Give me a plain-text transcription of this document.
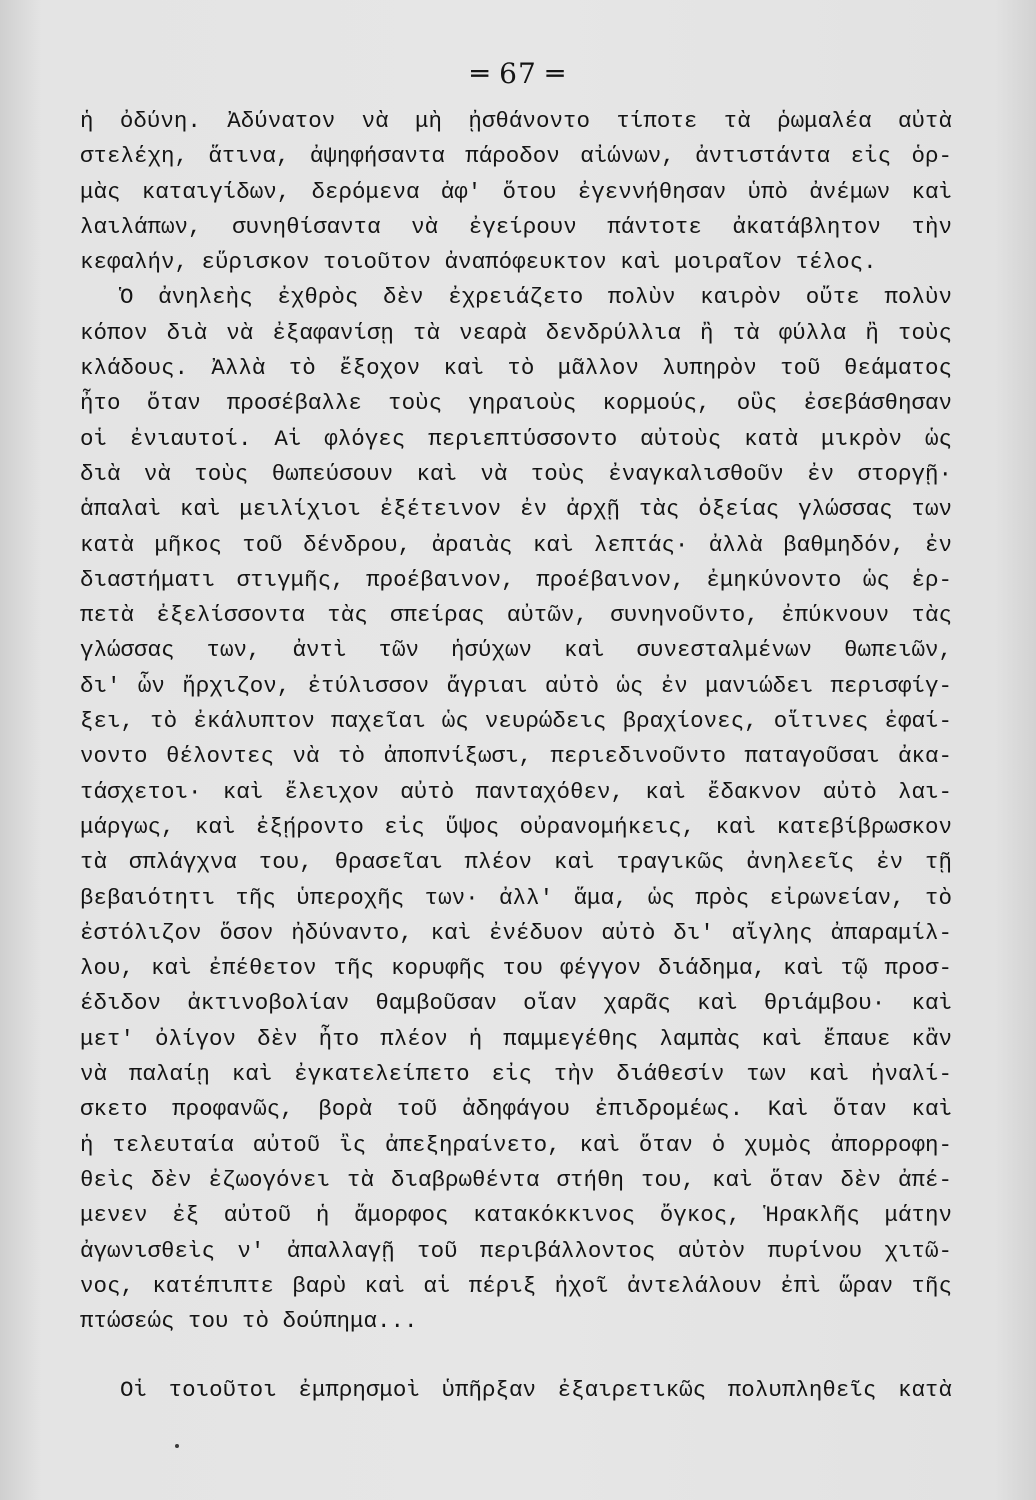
═ 67 ═
ἡ ὀδύνη. Ἀδύνατον νὰ μὴ ᾐσθάνοντο τίποτε τὰ ῥωμαλέα αὐτὰ
στελέχη, ἅτινα, ἀψηφήσαντα πάροδον αἰώνων, ἀντιστάντα εἰς ὁρ-
μὰς καταιγίδων, δερόμενα ἀφ' ὅτου ἐγεννήθησαν ὑπὸ ἀνέμων καὶ
λαιλάπων, συνηθίσαντα νὰ ἐγείρουν πάντοτε ἀκατάβλητον τὴν
κεφαλήν, εὕρισκον τοιοῦτον ἀναπόφευκτον καὶ μοιραῖον τέλος.
Ὁ ἀνηλεὴς ἐχθρὸς δὲν ἐχρειάζετο πολὺν καιρὸν οὔτε πολὺν
κόπον διὰ νὰ ἐξαφανίσῃ τὰ νεαρὰ δενδρύλλια ἢ τὰ φύλλα ἢ τοὺς
κλάδους. Ἀλλὰ τὸ ἔξοχον καὶ τὸ μᾶλλον λυπηρὸν τοῦ θεάματος
ἦτο ὅταν προσέβαλλε τοὺς γηραιοὺς κορμούς, οὓς ἐσεβάσθησαν
οἱ ἐνιαυτοί. Αἱ φλόγες περιεπτύσσοντο αὐτοὺς κατὰ μικρὸν ὡς
διὰ νὰ τοὺς θωπεύσουν καὶ νὰ τοὺς ἐναγκαλισθοῦν ἐν στοργῇ·
ἁπαλαὶ καὶ μειλίχιοι ἐξέτεινον ἐν ἀρχῇ τὰς ὀξείας γλώσσας των
κατὰ μῆκος τοῦ δένδρου, ἀραιὰς καὶ λεπτάς· ἀλλὰ βαθμηδόν, ἐν
διαστήματι στιγμῆς, προέβαινον, προέβαινον, ἐμηκύνοντο ὡς ἑρ-
πετὰ ἐξελίσσοντα τὰς σπείρας αὐτῶν, συνηνοῦντο, ἐπύκνουν τὰς
γλώσσας των, ἀντὶ τῶν ἡσύχων καὶ συνεσταλμένων θωπειῶν,
δι' ὧν ἤρχιζον, ἐτύλισσον ἄγριαι αὐτὸ ὡς ἐν μανιώδει περισφίγ-
ξει, τὸ ἐκάλυπτον παχεῖαι ὡς νευρώδεις βραχίονες, οἵτινες ἐφαί-
νοντο θέλοντες νὰ τὸ ἀποπνίξωσι, περιεδινοῦντο παταγοῦσαι ἀκα-
τάσχετοι· καὶ ἔλειχον αὐτὸ πανταχόθεν, καὶ ἔδακνον αὐτὸ λαι-
μάργως, καὶ ἐξῄροντο εἰς ὕψος οὐρανομήκεις, καὶ κατεβίβρωσκον
τὰ σπλάγχνα του, θρασεῖαι πλέον καὶ τραγικῶς ἀνηλεεῖς ἐν τῇ
βεβαιότητι τῆς ὑπεροχῆς των· ἀλλ' ἅμα, ὡς πρὸς εἰρωνείαν, τὸ
ἐστόλιζον ὅσον ἠδύναντο, καὶ ἐνέδυον αὐτὸ δι' αἴγλης ἀπαραμίλ-
λου, καὶ ἐπέθετον τῆς κορυφῆς του φέγγον διάδημα, καὶ τῷ προσ-
έδιδον ἀκτινοβολίαν θαμβοῦσαν οἵαν χαρᾶς καὶ θριάμβου· καὶ
μετ' ὀλίγον δὲν ἦτο πλέον ἡ παμμεγέθης λαμπὰς καὶ ἔπαυε κἂν
νὰ παλαίῃ καὶ ἐγκατελείπετο εἰς τὴν διάθεσίν των καὶ ἠναλί-
σκετο προφανῶς, βορὰ τοῦ ἀδηφάγου ἐπιδρομέως. Καὶ ὅταν καὶ
ἡ τελευταία αὐτοῦ ἲς ἀπεξηραίνετο, καὶ ὅταν ὁ χυμὸς ἀπορροφη-
θεὶς δὲν ἐζωογόνει τὰ διαβρωθέντα στήθη του, καὶ ὅταν δὲν ἀπέ-
μενεν ἐξ αὐτοῦ ἡ ἄμορφος κατακόκκινος ὄγκος, Ἡρακλῆς μάτην
ἀγωνισθεὶς ν' ἀπαλλαγῇ τοῦ περιβάλλοντος αὐτὸν πυρίνου χιτῶ-
νος, κατέπιπτε βαρὺ καὶ αἱ πέριξ ἠχοῖ ἀντελάλουν ἐπὶ ὥραν τῆς
πτώσεώς του τὸ δούπημα...
Οἱ τοιοῦτοι ἐμπρησμοὶ ὑπῆρξαν ἐξαιρετικῶς πολυπληθεῖς κατὰ
